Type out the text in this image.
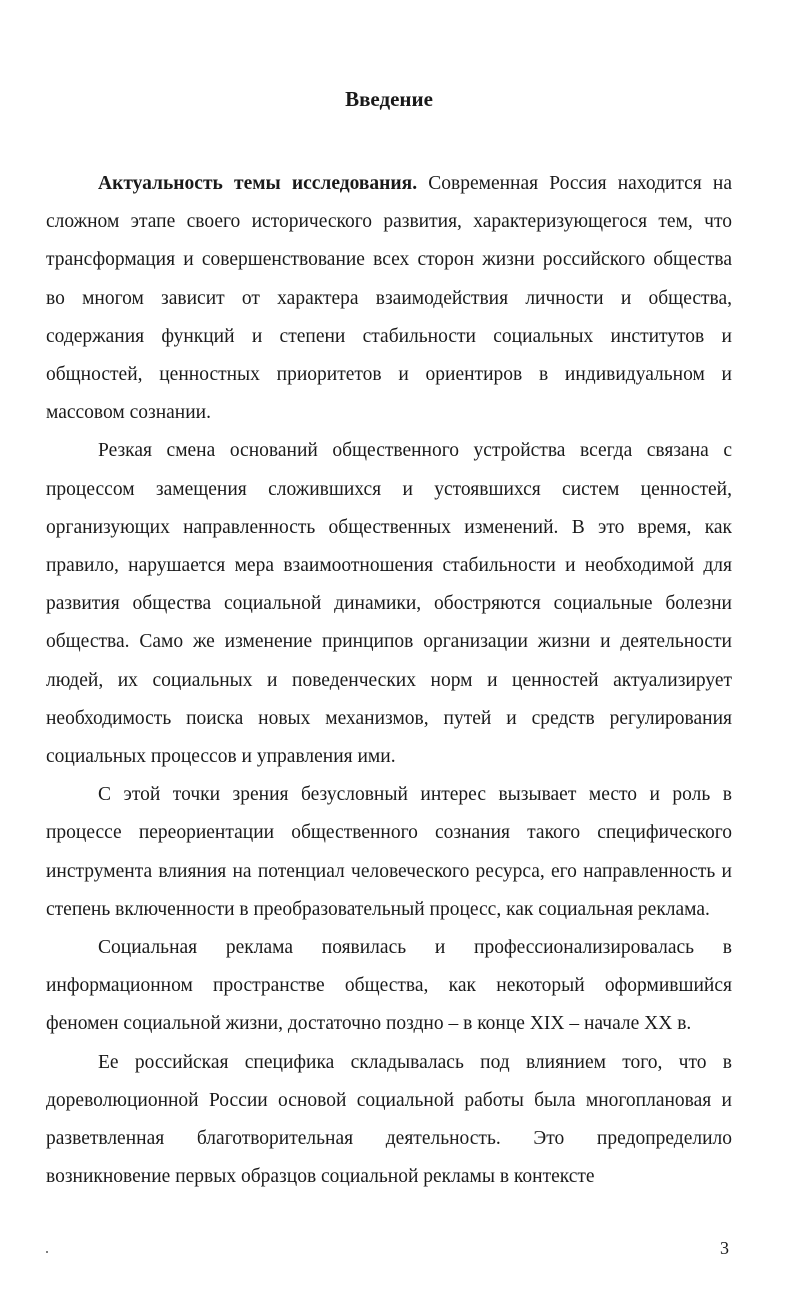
Введение

Актуальность темы исследования. Современная Россия находится на сложном этапе своего исторического развития, характеризующегося тем, что трансформация и совершенствование всех сторон жизни российского общества во многом зависит от характера взаимодействия личности и общества, содержания функций и степени стабильности социальных институтов и общностей, ценностных приоритетов и ориентиров в индивидуальном и массовом сознании.

Резкая смена оснований общественного устройства всегда связана с процессом замещения сложившихся и устоявшихся систем ценностей, организующих направленность общественных изменений. В это время, как правило, нарушается мера взаимоотношения стабильности и необходимой для развития общества социальной динамики, обостряются социальные болезни общества. Само же изменение принципов организации жизни и деятельности людей, их социальных и поведенческих норм и ценностей актуализирует необходимость поиска новых механизмов, путей и средств регулирования социальных процессов и управления ими.

С этой точки зрения безусловный интерес вызывает место и роль в процессе переориентации общественного сознания такого специфического инструмента влияния на потенциал человеческого ресурса, его направленность и степень включенности в преобразовательный процесс, как социальная реклама.

Социальная реклама появилась и профессионализировалась в информационном пространстве общества, как некоторый оформившийся феномен социальной жизни, достаточно поздно – в конце XIX – начале XX в.

Ее российская специфика складывалась под влиянием того, что в дореволюционной России основой социальной работы была многоплановая и разветвленная благотворительная деятельность. Это предопределило возникновение первых образцов социальной рекламы в контексте

3
